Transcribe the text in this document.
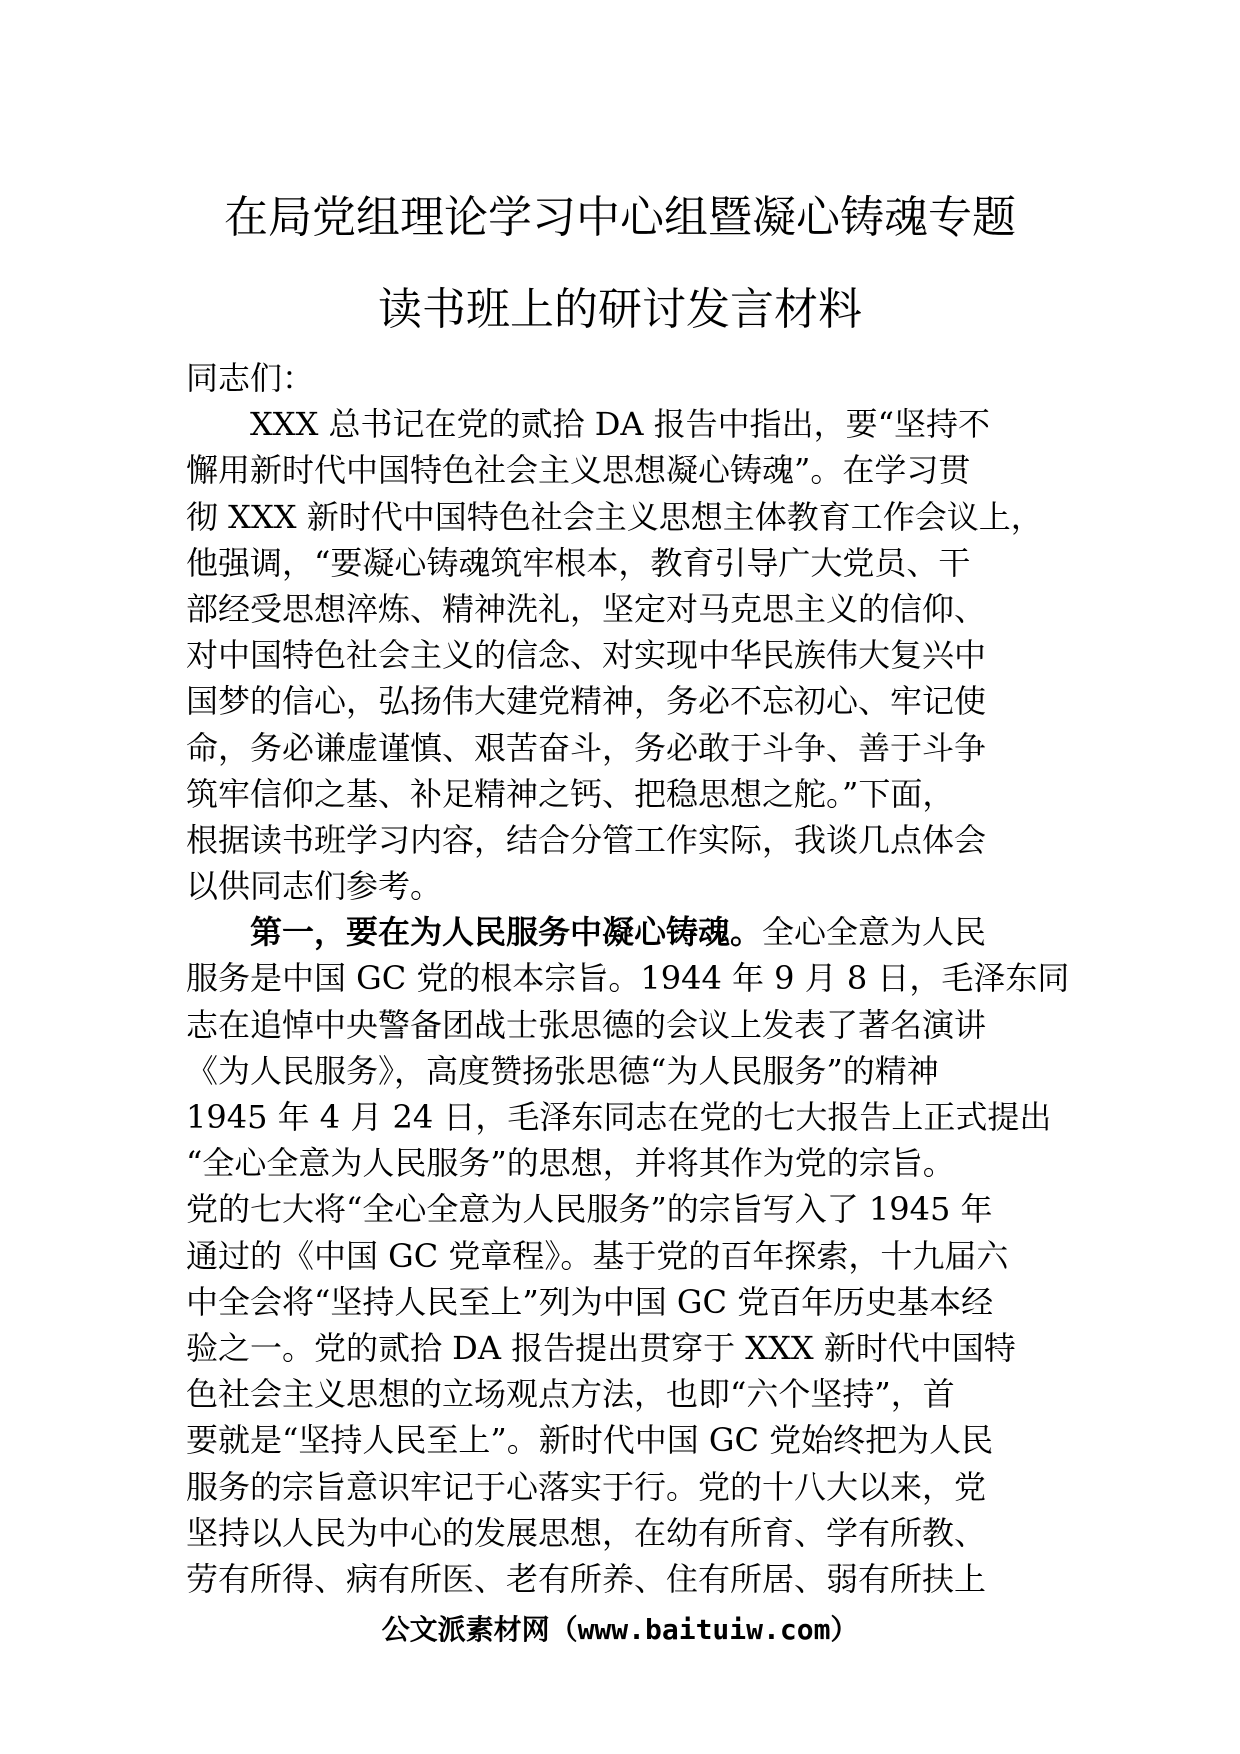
在局党组理论学习中心组暨凝心铸魂专题
读书班上的研讨发言材料
同志们：
XXX 总书记在党的贰拾 DA 报告中指出，要“坚持不
懈用新时代中国特色社会主义思想凝心铸魂”。在学习贯
彻 XXX 新时代中国特色社会主义思想主体教育工作会议上，
他强调，“要凝心铸魂筑牢根本，教育引导广大党员、干
部经受思想淬炼、精神洗礼，坚定对马克思主义的信仰、
对中国特色社会主义的信念、对实现中华民族伟大复兴中
国梦的信心，弘扬伟大建党精神，务必不忘初心、牢记使
命，务必谦虚谨慎、艰苦奋斗，务必敢于斗争、善于斗争
筑牢信仰之基、补足精神之钙、把稳思想之舵。”下面，
根据读书班学习内容，结合分管工作实际，我谈几点体会
以供同志们参考。
第一，要在为人民服务中凝心铸魂。全心全意为人民
服务是中国 GC 党的根本宗旨。1944 年 9 月 8 日，毛泽东同
志在追悼中央警备团战士张思德的会议上发表了著名演讲
《为人民服务》，高度赞扬张思德“为人民服务”的精神
1945 年 4 月 24 日，毛泽东同志在党的七大报告上正式提出
“全心全意为人民服务”的思想，并将其作为党的宗旨。
党的七大将“全心全意为人民服务”的宗旨写入了 1945 年
通过的《中国 GC 党章程》。基于党的百年探索，十九届六
中全会将“坚持人民至上”列为中国 GC 党百年历史基本经
验之一。党的贰拾 DA 报告提出贯穿于 XXX 新时代中国特
色社会主义思想的立场观点方法，也即“六个坚持”，首
要就是“坚持人民至上”。新时代中国 GC 党始终把为人民
服务的宗旨意识牢记于心落实于行。党的十八大以来，党
坚持以人民为中心的发展思想，在幼有所育、学有所教、
劳有所得、病有所医、老有所养、住有所居、弱有所扶上
公文派素材网（www.baituiw.com）
